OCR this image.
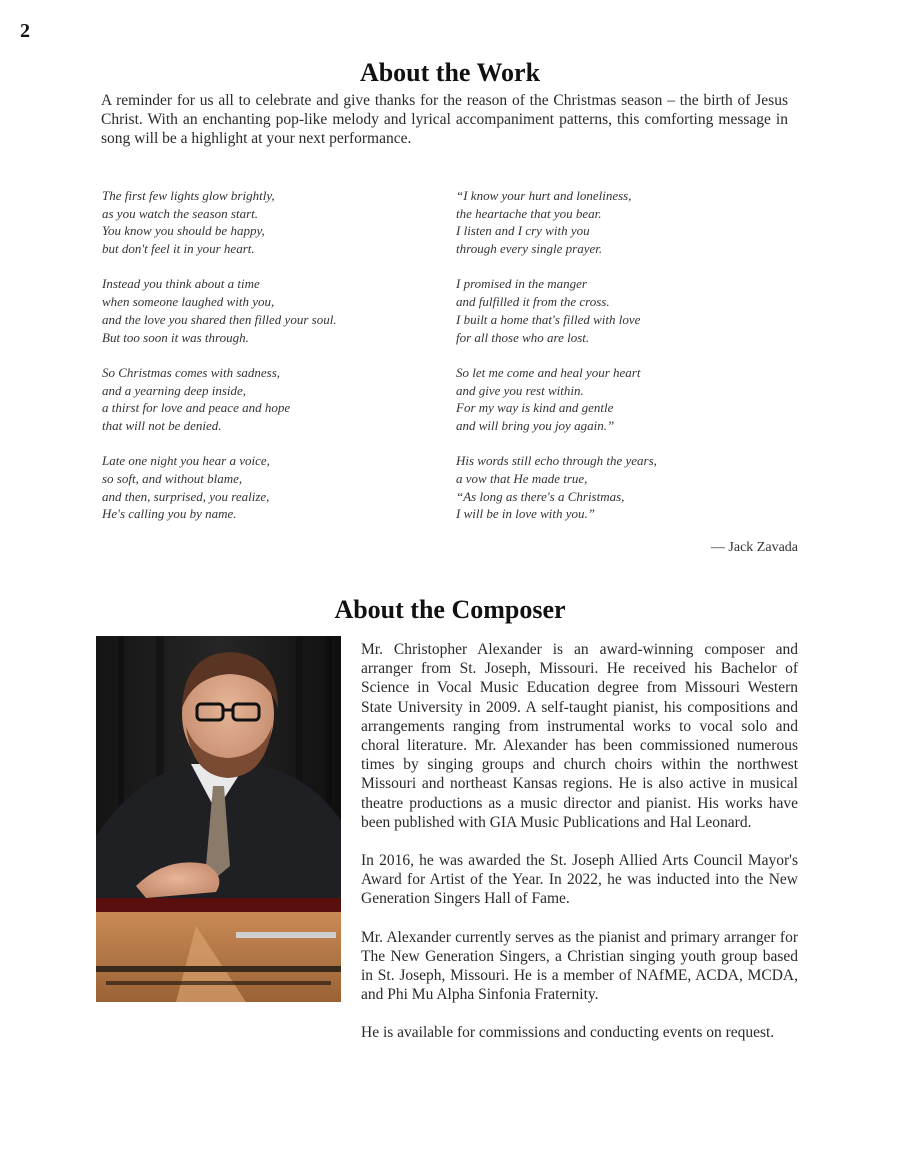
2
About the Work

A reminder for us all to celebrate and give thanks for the reason of the Christmas season – the birth of Jesus Christ. With an enchanting pop-like melody and lyrical accompaniment patterns, this comforting message in song will be a highlight at your next performance.

The first few lights glow brightly,
as you watch the season start.
You know you should be happy,
but don't feel it in your heart.
Instead you think about a time
when someone laughed with you,
and the love you shared then filled your soul.
But too soon it was through.
So Christmas comes with sadness,
and a yearning deep inside,
a thirst for love and peace and hope
that will not be denied.
Late one night you hear a voice,
so soft, and without blame,
and then, surprised, you realize,
He's calling you by name.
“I know your hurt and loneliness,
the heartache that you bear.
I listen and I cry with you
through every single prayer.
I promised in the manger
and fulfilled it from the cross.
I built a home that's filled with love
for all those who are lost.
So let me come and heal your heart
and give you rest within.
For my way is kind and gentle
and will bring you joy again.”
His words still echo through the years,
a vow that He made true,
“As long as there's a Christmas,
I will be in love with you.”
— Jack Zavada
About the Composer

Mr. Christopher Alexander is an award-winning composer and arranger from St. Joseph, Missouri. He received his Bachelor of Science in Vocal Music Education degree from Missouri Western State University in 2009. A self-taught pianist, his compositions and arrangements ranging from instrumental works to vocal solo and choral literature. Mr. Alexander has been commissioned numerous times by singing groups and church choirs within the northwest Missouri and northeast Kansas regions. He is also active in musical theatre productions as a music director and pianist. His works have been published with GIA Music Publications and Hal Leonard.

In 2016, he was awarded the St. Joseph Allied Arts Council Mayor's Award for Artist of the Year. In 2022, he was inducted into the New Generation Singers Hall of Fame.

Mr. Alexander currently serves as the pianist and primary arranger for The New Generation Singers, a Christian singing youth group based in St. Joseph, Missouri. He is a member of NAfME, ACDA, MCDA, and Phi Mu Alpha Sinfonia Fraternity.

He is available for commissions and conducting events on request.
